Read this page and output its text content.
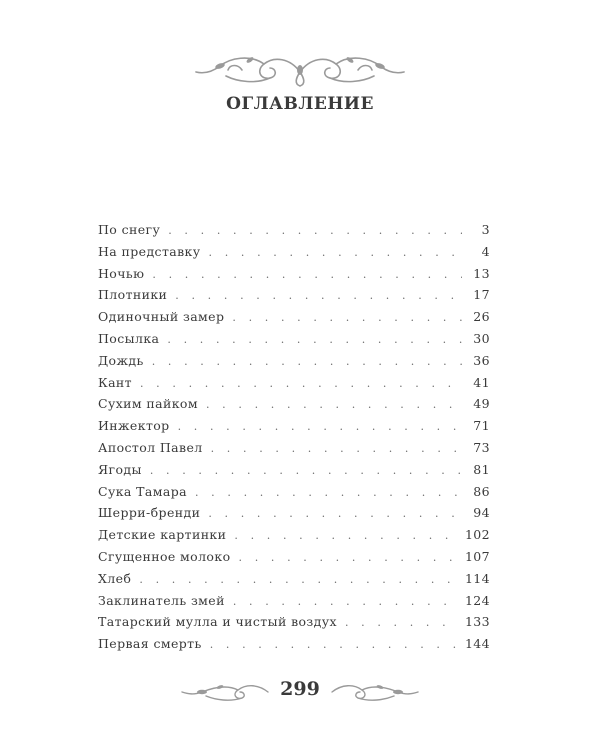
ОГЛАВЛЕНИЕ
По снегу . . .	3
На представку . . .	4
Ночью . . .	13
Плотники . . .	17
Одиночный замер . . .	26
Посылка . . .	30
Дождь . . .	36
Кант . . .	41
Сухим пайком . . .	49
Инжектор . . .	71
Апостол Павел . . .	73
Ягоды . . .	81
Сука Тамара . . .	86
Шерри-бренди . . .	94
Детские картинки . . .	102
Сгущенное молоко . . .	107
Хлеб . . .	114
Заклинатель змей . . .	124
Татарский мулла и чистый воздух . . .	133
Первая смерть . . .	144
299
